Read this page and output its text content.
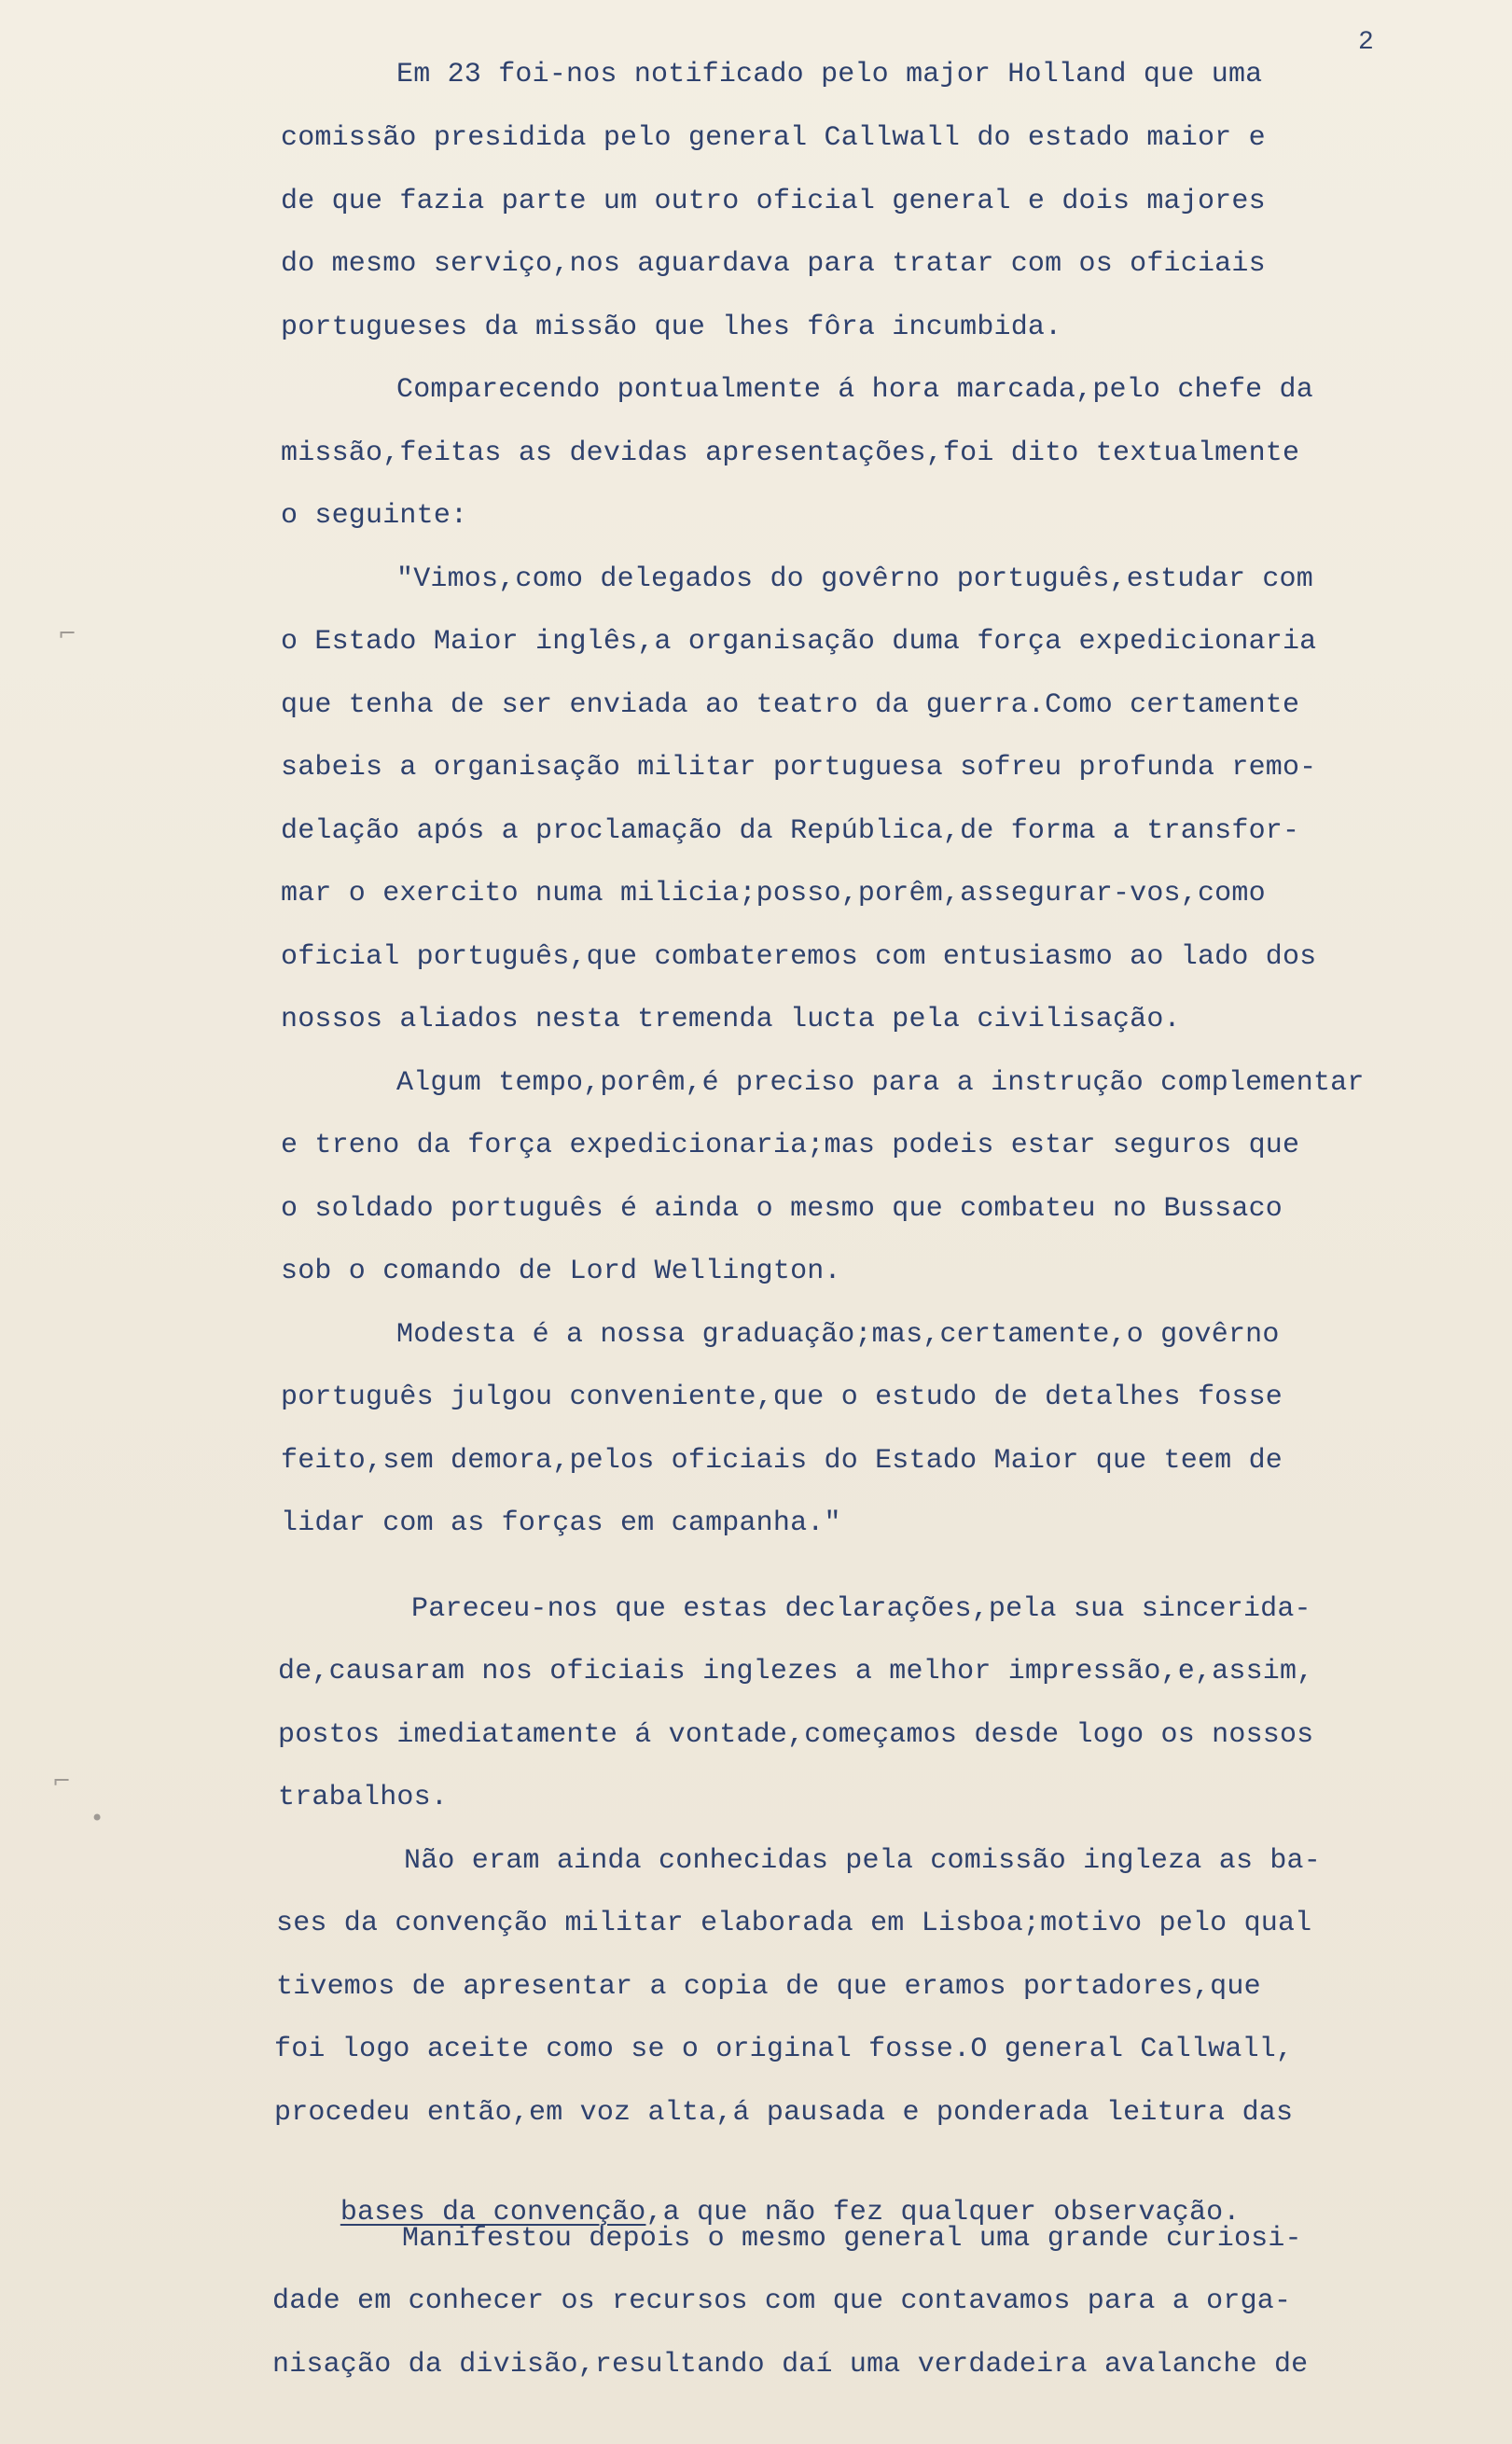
2
Em 23 foi-nos notificado pelo major Holland que uma
comissão presidida pelo general Callwall do estado maior e
de que fazia parte um outro oficial general e dois majores
do mesmo serviço,nos aguardava para tratar com os oficiais
portugueses da missão que lhes fôra incumbida.
Comparecendo pontualmente á hora marcada,pelo chefe da
missão,feitas as devidas apresentações,foi dito textualmente
o seguinte:
"Vimos,como delegados do govêrno português,estudar com
o Estado Maior inglês,a organisação duma força expedicionaria
que tenha de ser enviada ao teatro da guerra.Como certamente
sabeis a organisação militar portuguesa sofreu profunda remo-
delação após a proclamação da República,de forma a transfor-
mar o exercito numa milicia;posso,porêm,assegurar-vos,como
oficial português,que combateremos com entusiasmo ao lado dos
nossos aliados nesta tremenda lucta pela civilisação.
Algum tempo,porêm,é preciso para a instrução complementar
e treno da força expedicionaria;mas podeis estar seguros que
o soldado português é ainda o mesmo que combateu no Bussaco
sob o comando de Lord Wellington.
Modesta é a nossa graduação;mas,certamente,o govêrno
português julgou conveniente,que o estudo de detalhes fosse
feito,sem demora,pelos oficiais do Estado Maior que teem de
lidar com as forças em campanha."
Pareceu-nos que estas declarações,pela sua sincerida-
de,causaram nos oficiais inglezes a melhor impressão,e,assim,
postos imediatamente á vontade,começamos desde logo os nossos
trabalhos.
Não eram ainda conhecidas pela comissão ingleza as ba-
ses da convenção militar elaborada em Lisboa;motivo pelo qual
tivemos de apresentar a copia de que eramos portadores,que
foi logo aceite como se o original fosse.O general Callwall,
procedeu então,em voz alta,á pausada e ponderada leitura das

bases da convenção,a que não fez qualquer observação.

Manifestou depois o mesmo general uma grande curiosi-
dade em conhecer os recursos com que contavamos para a orga-
nisação da divisão,resultando daí uma verdadeira avalanche de
⌐
⌐
•
